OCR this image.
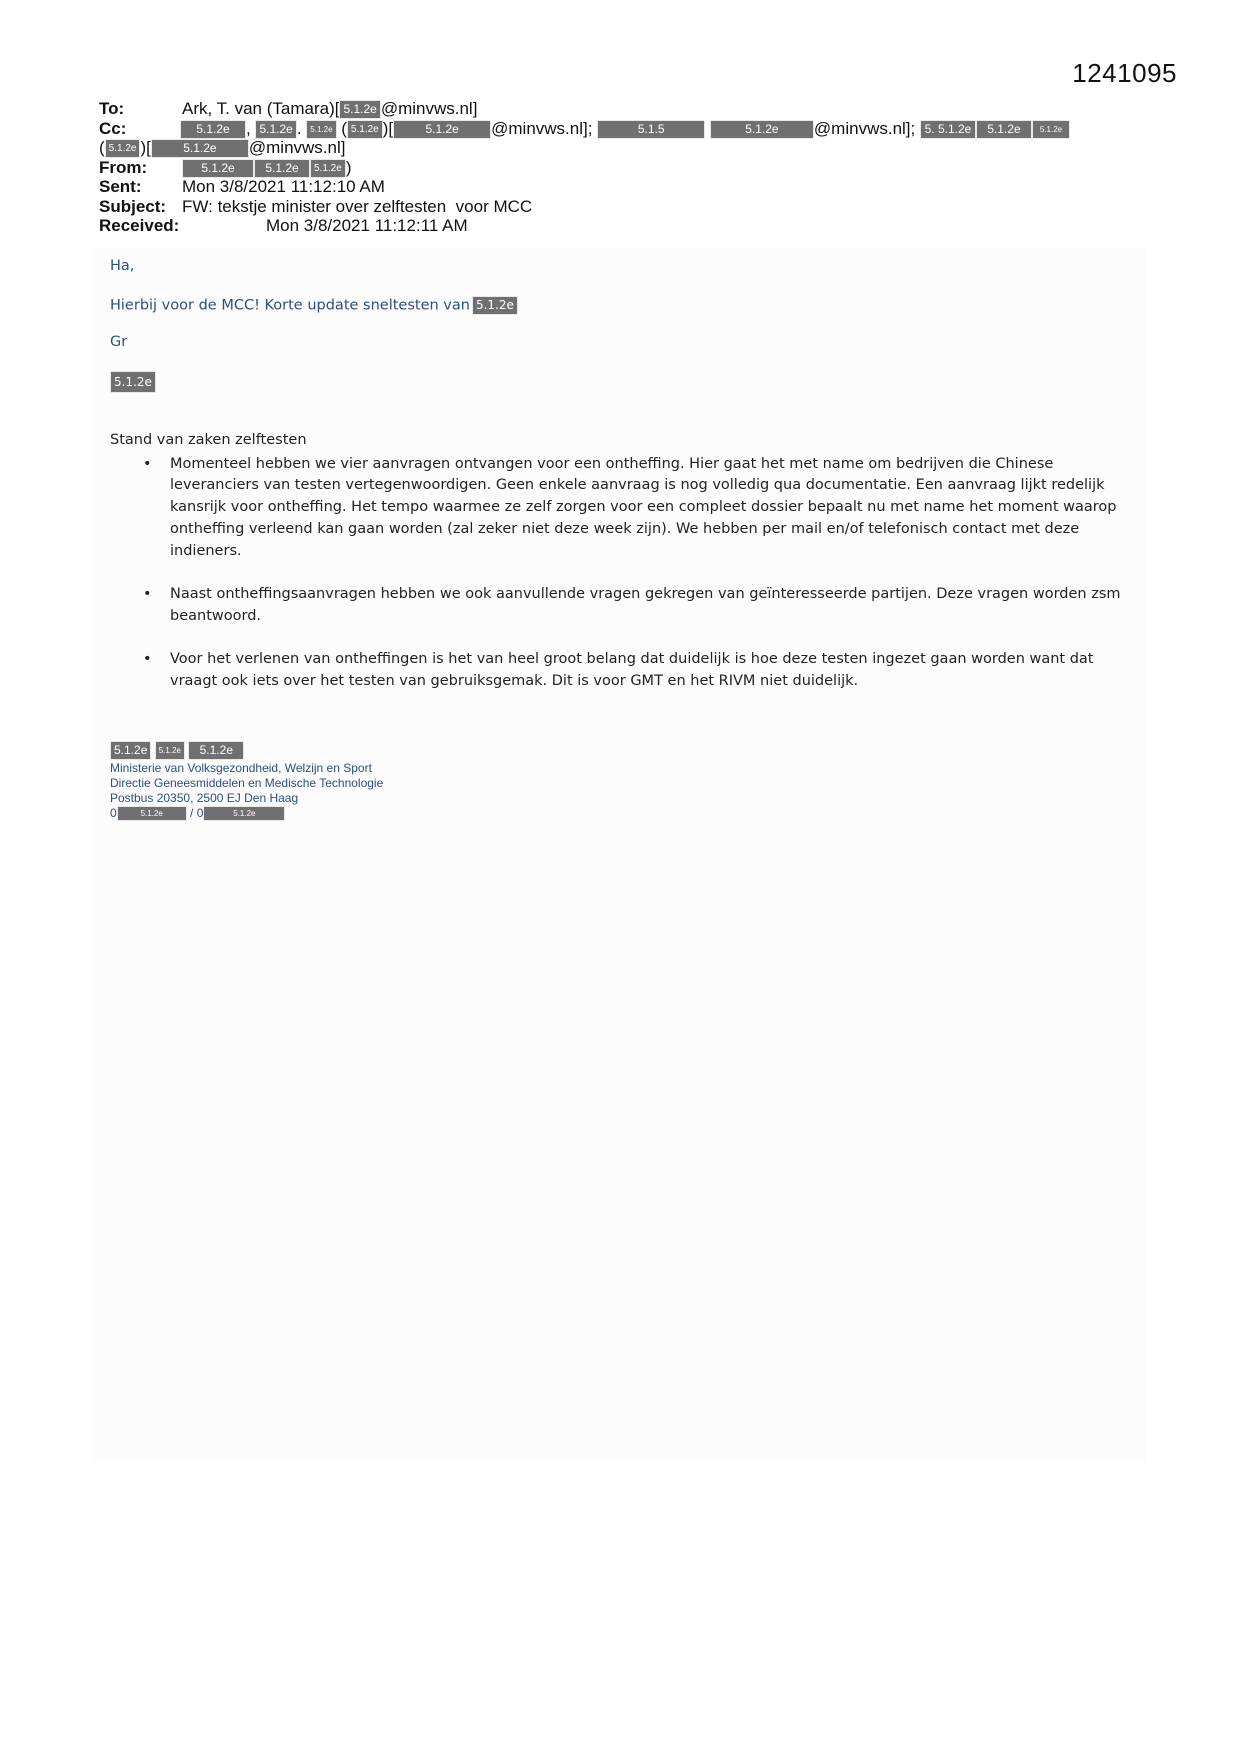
1241095
To:	Ark, T. van (Tamara)[ 5.1.2e @minvws.nl]
Cc:	5.1.2e , 5.1.2e . 5.1.2e ( 5.1.2e )[	5.1.2e @minvws.nl];	5.1.5	5.1.2e @minvws.nl]; 5. 5.1.2e 5.1.2e 5.1.2e
( 5.1.2e )[	5.1.2e @minvws.nl]
From:	5.1.2e	5.1.2e 5.1.2e )
Sent: Mon 3/8/2021 11:12:10 AM
Subject: FW: tekstje minister over zelftesten  voor MCC
Received:	Mon 3/8/2021 11:12:11 AM
Ha,
Hierbij voor de MCC! Korte update sneltesten van 5.1.2e
Gr
5.1.2e
Stand van zaken zelftesten
• Momenteel hebben we vier aanvragen ontvangen voor een ontheffing. Hier gaat het met name om bedrijven die Chinese leveranciers van testen vertegenwoordigen. Geen enkele aanvraag is nog volledig qua documentatie. Een aanvraag lijkt redelijk kansrijk voor ontheffing. Het tempo waarmee ze zelf zorgen voor een compleet dossier bepaalt nu met name het moment waarop ontheffing verleend kan gaan worden (zal zeker niet deze week zijn). We hebben per mail en/of telefonisch contact met deze indieners.
• Naast ontheffingsaanvragen hebben we ook aanvullende vragen gekregen van geïnteresseerde partijen. Deze vragen worden zsm beantwoord.
• Voor het verlenen van ontheffingen is het van heel groot belang dat duidelijk is hoe deze testen ingezet gaan worden want dat vraagt ook iets over het testen van gebruiksgemak. Dit is voor GMT en het RIVM niet duidelijk.
5.1.2e 5.1.2e 5.1.2e
Ministerie van Volksgezondheid, Welzijn en Sport
Directie Geneesmiddelen en Medische Technologie
Postbus 20350, 2500 EJ Den Haag
0	5.1.2e / 0	5.1.2e
